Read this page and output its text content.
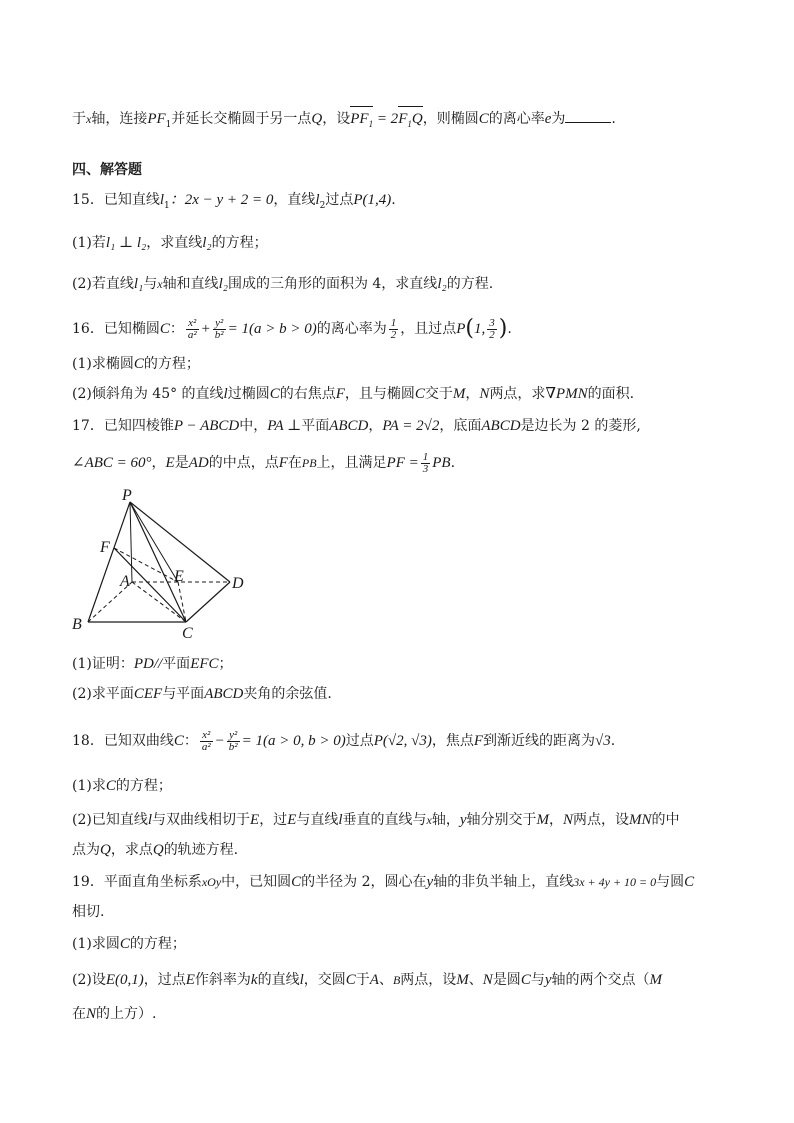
于x轴，连接$PF_1$并延长交椭圆于另一点Q，设$PF_1 = 2F_1Q$，则椭圆C的离心率e为	.
四、解答题
15．已知直线$l_1$：2x − y + 2 = 0，直线$l_2$过点P(1,4).
(1)若l₁ ⊥ l₂，求直线l₂的方程；
(2)若直线l₁与x轴和直线l₂围成的三角形的面积为 4，求直线l₂的方程.
16．已知椭圆C： $\frac{\text{x²}}{\text{a²}} + \frac{\text{y²}}{\text{b²}} = 1(a > b > 0)$的离心率为 $\frac{1}{2}$ ，且过点P(1, $\frac{3}{2}$ ).
(1)求椭圆C的方程；
(2)倾斜角为 45° 的直线l过椭圆C的右焦点F，且与椭圆C交于M，N两点，求∇PMN的面积.
17．已知四棱锥P − ABCD中，PA ⊥平面ABCD，PA = 2√2，底面ABCD是边长为 2 的菱形,
∠ABC = 60°，E是AD的中点，点F在PB上，且满足PF = $\frac{1}{3}$ PB.
P
F
A	E	D
B
C
(1)证明：PD//平面EFC；
(2)求平面CEF与平面ABCD夹角的余弦值.
18．已知双曲线C： $\frac{\text{x²}}{\text{a²}} - \frac{\text{y²}}{\text{b²}} = 1(a > 0$, b > 0)过点P(√2, √3)，焦点F到渐近线的距离为√3.
(1)求C的方程；
(2)已知直线l与双曲线相切于E，过E与直线l垂直的直线与x轴，y轴分别交于M，N两点，设MN的中
点为Q，求点Q的轨迹方程.
19．平面直角坐标系xOy中，已知圆C的半径为 2，圆心在y轴的非负半轴上，直线3x + 4y + 10 = 0与圆C
相切.
(1)求圆C的方程；
(2)设E(0,1)，过点E作斜率为k的直线l，交圆C于A、B两点，设M、N是圆C与y轴的两个交点（M
在N的上方）.
